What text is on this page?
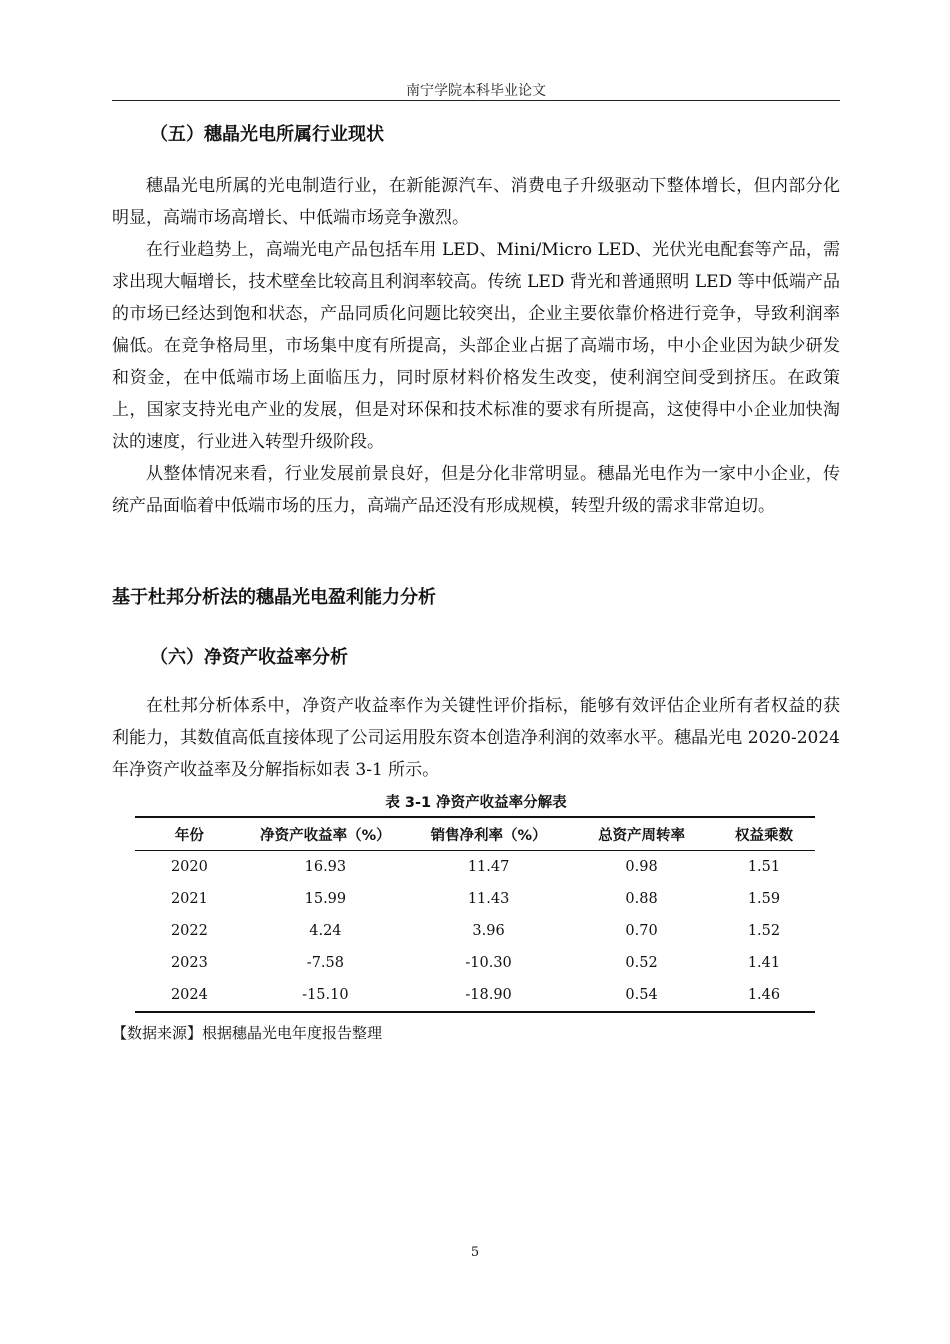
南宁学院本科毕业论文
（五）穗晶光电所属行业现状
穗晶光电所属的光电制造行业，在新能源汽车、消费电子升级驱动下整体增长，但内部分化明显，高端市场高增长、中低端市场竞争激烈。
在行业趋势上，高端光电产品包括车用 LED、Mini/Micro LED、光伏光电配套等产品，需求出现大幅增长，技术壁垒比较高且利润率较高。传统 LED 背光和普通照明 LED 等中低端产品的市场已经达到饱和状态，产品同质化问题比较突出，企业主要依靠价格进行竞争，导致利润率偏低。在竞争格局里，市场集中度有所提高，头部企业占据了高端市场，中小企业因为缺少研发和资金，在中低端市场上面临压力，同时原材料价格发生改变，使利润空间受到挤压。在政策上，国家支持光电产业的发展，但是对环保和技术标准的要求有所提高，这使得中小企业加快淘汰的速度，行业进入转型升级阶段。
从整体情况来看，行业发展前景良好，但是分化非常明显。穗晶光电作为一家中小企业，传统产品面临着中低端市场的压力，高端产品还没有形成规模，转型升级的需求非常迫切。
基于杜邦分析法的穗晶光电盈利能力分析
（六）净资产收益率分析
在杜邦分析体系中，净资产收益率作为关键性评价指标，能够有效评估企业所有者权益的获利能力，其数值高低直接体现了公司运用股东资本创造净利润的效率水平。穗晶光电 2020-2024 年净资产收益率及分解指标如表 3-1 所示。
表 3-1 净资产收益率分解表
年份	净资产收益率（%）	销售净利率（%）	总资产周转率	权益乘数
2020	16.93	11.47	0.98	1.51
2021	15.99	11.43	0.88	1.59
2022	4.24	3.96	0.70	1.52
2023	-7.58	-10.30	0.52	1.41
2024	-15.10	-18.90	0.54	1.46
【数据来源】根据穗晶光电年度报告整理
5
